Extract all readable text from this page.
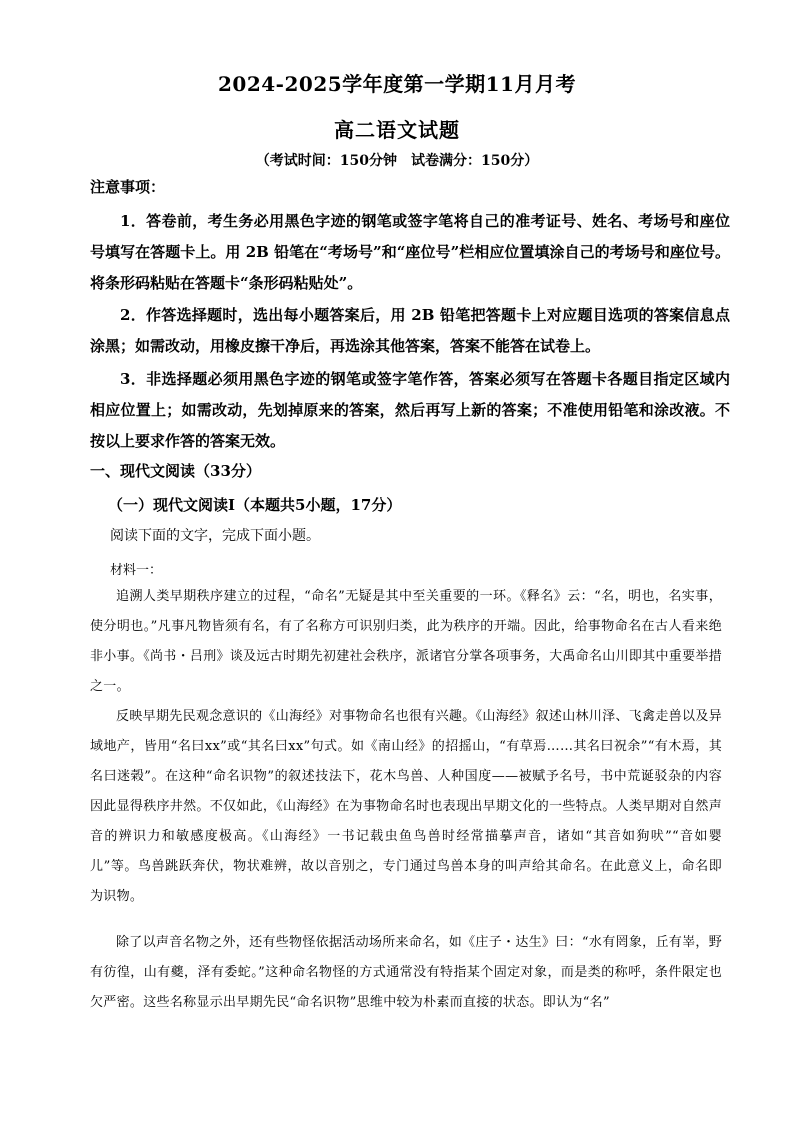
2024-2025学年度第一学期11月月考
高二语文试题
（考试时间：150分钟　试卷满分：150分）
注意事项：
1．答卷前，考生务必用黑色字迹的钢笔或签字笔将自己的准考证号、姓名、考场号和座位号填写在答题卡上。用 2B 铅笔在“考场号”和“座位号”栏相应位置填涂自己的考场号和座位号。将条形码粘贴在答题卡“条形码粘贴处”。
2．作答选择题时，选出每小题答案后，用 2B 铅笔把答题卡上对应题目选项的答案信息点涂黑；如需改动，用橡皮擦干净后，再选涂其他答案，答案不能答在试卷上。
3．非选择题必须用黑色字迹的钢笔或签字笔作答，答案必须写在答题卡各题目指定区域内相应位置上；如需改动，先划掉原来的答案，然后再写上新的答案；不准使用铅笔和涂改液。不按以上要求作答的答案无效。
一、现代文阅读（33分）
（一）现代文阅读Ⅰ（本题共5小题，17分）
阅读下面的文字，完成下面小题。
材料一：
追溯人类早期秩序建立的过程，“命名”无疑是其中至关重要的一环。《释名》云：“名，明也，名实事，使分明也。”凡事凡物皆须有名，有了名称方可识别归类，此为秩序的开端。因此，给事物命名在古人看来绝非小事。《尚书・吕刑》谈及远古时期先初建社会秩序，派诸官分掌各项事务，大禹命名山川即其中重要举措之一。
反映早期先民观念意识的《山海经》对事物命名也很有兴趣。《山海经》叙述山林川泽、飞禽走兽以及异域地产，皆用“名曰xx”或“其名曰xx”句式。如《南山经》的招摇山，“有草焉……其名曰祝余”“有木焉，其名曰迷榖”。在这种“命名识物”的叙述技法下，花木鸟兽、人种国度——被赋予名号，书中荒诞驳杂的内容因此显得秩序井然。不仅如此，《山海经》在为事物命名时也表现出早期文化的一些特点。人类早期对自然声音的辨识力和敏感度极高。《山海经》一书记载虫鱼鸟兽时经常描摹声音，诸如“其音如狗吠”“音如婴儿”等。鸟兽跳跃奔伏，物状难辨，故以音别之，专门通过鸟兽本身的叫声给其命名。在此意义上，命名即为识物。
除了以声音名物之外，还有些物怪依据活动场所来命名，如《庄子・达生》曰：“水有罔象，丘有峷，野有彷徨，山有夔，泽有委蛇。”这种命名物怪的方式通常没有特指某个固定对象，而是类的称呼，条件限定也欠严密。这些名称显示出早期先民“命名识物”思维中较为朴素而直接的状态。即认为“名”
